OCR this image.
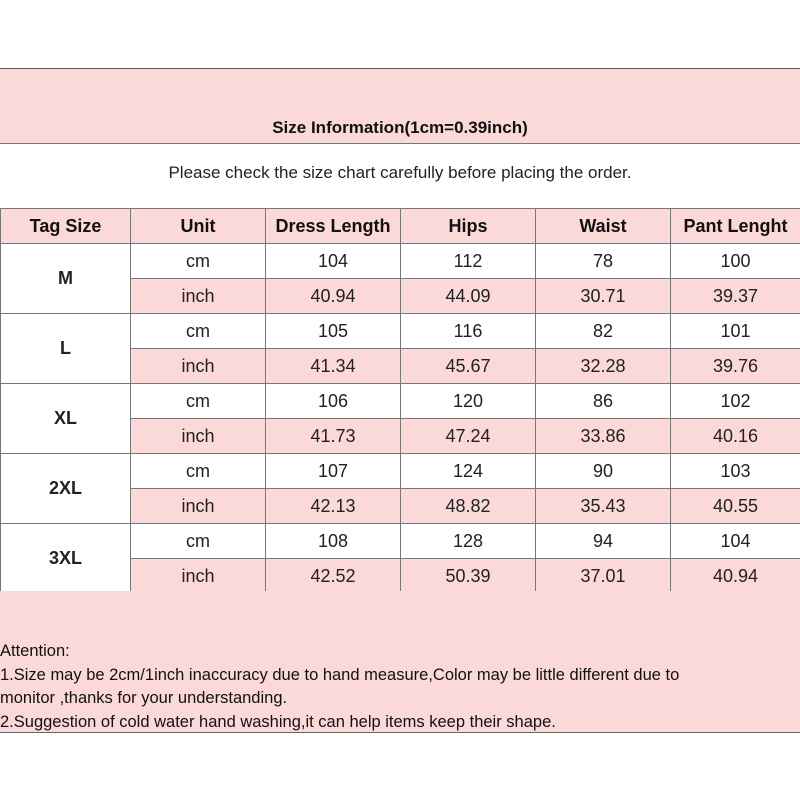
Size Information(1cm=0.39inch)
Please check the size chart carefully before placing the order.
Tag Size	Unit	Dress Length	Hips	Waist	Pant Lenght
M	cm	104	112	78	100
	inch	40.94	44.09	30.71	39.37
L	cm	105	116	82	101
	inch	41.34	45.67	32.28	39.76
XL	cm	106	120	86	102
	inch	41.73	47.24	33.86	40.16
2XL	cm	107	124	90	103
	inch	42.13	48.82	35.43	40.55
3XL	cm	108	128	94	104
	inch	42.52	50.39	37.01	40.94
Attention:
1.Size may be 2cm/1inch inaccuracy due to hand measure,Color may be little different due to
monitor ,thanks for your understanding.
2.Suggestion of cold water hand washing,it can help items keep their shape.
